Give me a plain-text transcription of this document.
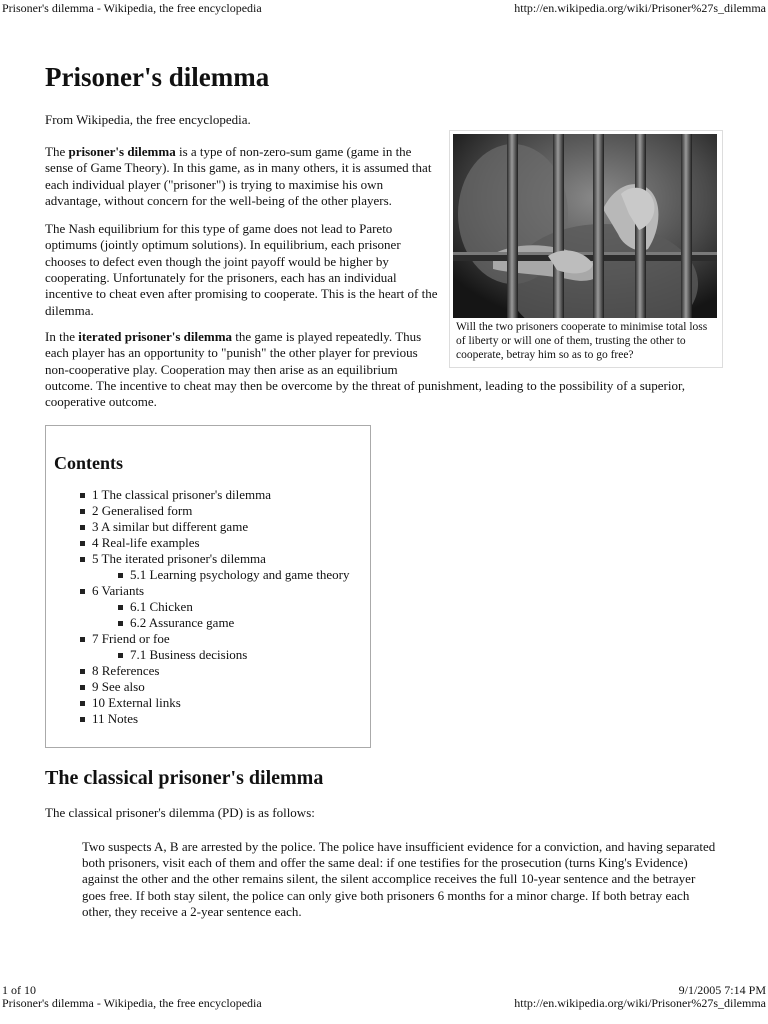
Prisoner's dilemma - Wikipedia, the free encyclopedia	http://en.wikipedia.org/wiki/Prisoner%27s_dilemma
Prisoner's dilemma
From Wikipedia, the free encyclopedia.
Will the two prisoners cooperate to minimise total loss of liberty or will one of them, trusting the other to cooperate, betray him so as to go free?

The prisoner's dilemma is a type of non-zero-sum game (game in the sense of Game Theory). In this game, as in many others, it is assumed that each individual player ("prisoner") is trying to maximise his own advantage, without concern for the well-being of the other players.

The Nash equilibrium for this type of game does not lead to Pareto optimums (jointly optimum solutions). In equilibrium, each prisoner chooses to defect even though the joint payoff would be higher by cooperating. Unfortunately for the prisoners, each has an individual incentive to cheat even after promising to cooperate. This is the heart of the dilemma.

In the iterated prisoner's dilemma the game is played repeatedly. Thus each player has an opportunity to "punish" the other player for previous non-cooperative play. Cooperation may then arise as an equilibrium outcome. The incentive to cheat may then be overcome by the threat of punishment, leading to the possibility of a superior, cooperative outcome.

Contents
1 The classical prisoner's dilemma
2 Generalised form
3 A similar but different game
4 Real-life examples
5 The iterated prisoner's dilemma
5.1 Learning psychology and game theory
6 Variants
6.1 Chicken
6.2 Assurance game
7 Friend or foe
7.1 Business decisions
8 References
9 See also
10 External links
11 Notes
The classical prisoner's dilemma

The classical prisoner's dilemma (PD) is as follows:

Two suspects A, B are arrested by the police. The police have insufficient evidence for a conviction, and having separated both prisoners, visit each of them and offer the same deal: if one testifies for the prosecution (turns King's Evidence) against the other and the other remains silent, the silent accomplice receives the full 10-year sentence and the betrayer goes free. If both stay silent, the police can only give both prisoners 6 months for a minor charge. If both betray each other, they receive a 2-year sentence each.
1 of 10	9/1/2005 7:14 PM
Prisoner's dilemma - Wikipedia, the free encyclopedia	http://en.wikipedia.org/wiki/Prisoner%27s_dilemma
